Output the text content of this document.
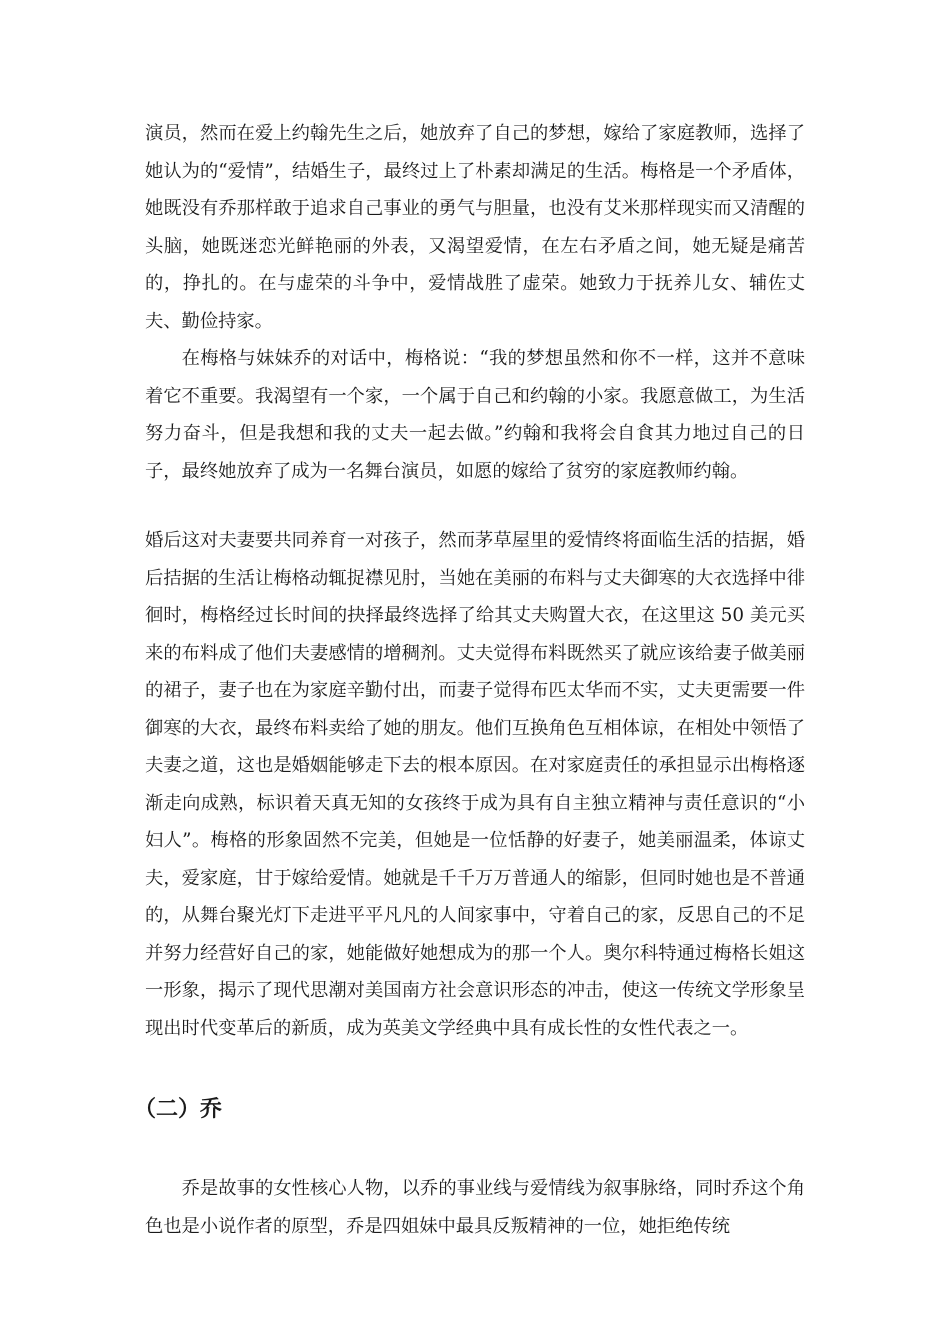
演员，然而在爱上约翰先生之后，她放弃了自己的梦想，嫁给了家庭教师，选择了她认为的“爱情”，结婚生子，最终过上了朴素却满足的生活。梅格是一个矛盾体，她既没有乔那样敢于追求自己事业的勇气与胆量，也没有艾米那样现实而又清醒的头脑，她既迷恋光鲜艳丽的外表，又渴望爱情，在左右矛盾之间，她无疑是痛苦的，挣扎的。在与虚荣的斗争中，爱情战胜了虚荣。她致力于抚养儿女、辅佐丈夫、勤俭持家。

在梅格与妹妹乔的对话中，梅格说：“我的梦想虽然和你不一样，这并不意味着它不重要。我渴望有一个家，一个属于自己和约翰的小家。我愿意做工，为生活努力奋斗，但是我想和我的丈夫一起去做。”约翰和我将会自食其力地过自己的日子，最终她放弃了成为一名舞台演员，如愿的嫁给了贫穷的家庭教师约翰。

婚后这对夫妻要共同养育一对孩子，然而茅草屋里的爱情终将面临生活的拮据，婚后拮据的生活让梅格动辄捉襟见肘，当她在美丽的布料与丈夫御寒的大衣选择中徘徊时，梅格经过长时间的抉择最终选择了给其丈夫购置大衣，在这里这 50 美元买来的布料成了他们夫妻感情的增稠剂。丈夫觉得布料既然买了就应该给妻子做美丽的裙子，妻子也在为家庭辛勤付出，而妻子觉得布匹太华而不实，丈夫更需要一件御寒的大衣，最终布料卖给了她的朋友。他们互换角色互相体谅，在相处中领悟了夫妻之道，这也是婚姻能够走下去的根本原因。在对家庭责任的承担显示出梅格逐渐走向成熟，标识着天真无知的女孩终于成为具有自主独立精神与责任意识的“小妇人”。梅格的形象固然不完美，但她是一位恬静的好妻子，她美丽温柔，体谅丈夫，爱家庭，甘于嫁给爱情。她就是千千万万普通人的缩影，但同时她也是不普通的，从舞台聚光灯下走进平平凡凡的人间家事中，守着自己的家，反思自己的不足并努力经营好自己的家，她能做好她想成为的那一个人。奥尔科特通过梅格长姐这一形象，揭示了现代思潮对美国南方社会意识形态的冲击，使这一传统文学形象呈现出时代变革后的新质，成为英美文学经典中具有成长性的女性代表之一。

（二）乔

乔是故事的女性核心人物，以乔的事业线与爱情线为叙事脉络，同时乔这个角色也是小说作者的原型，乔是四姐妹中最具反叛精神的一位，她拒绝传统
